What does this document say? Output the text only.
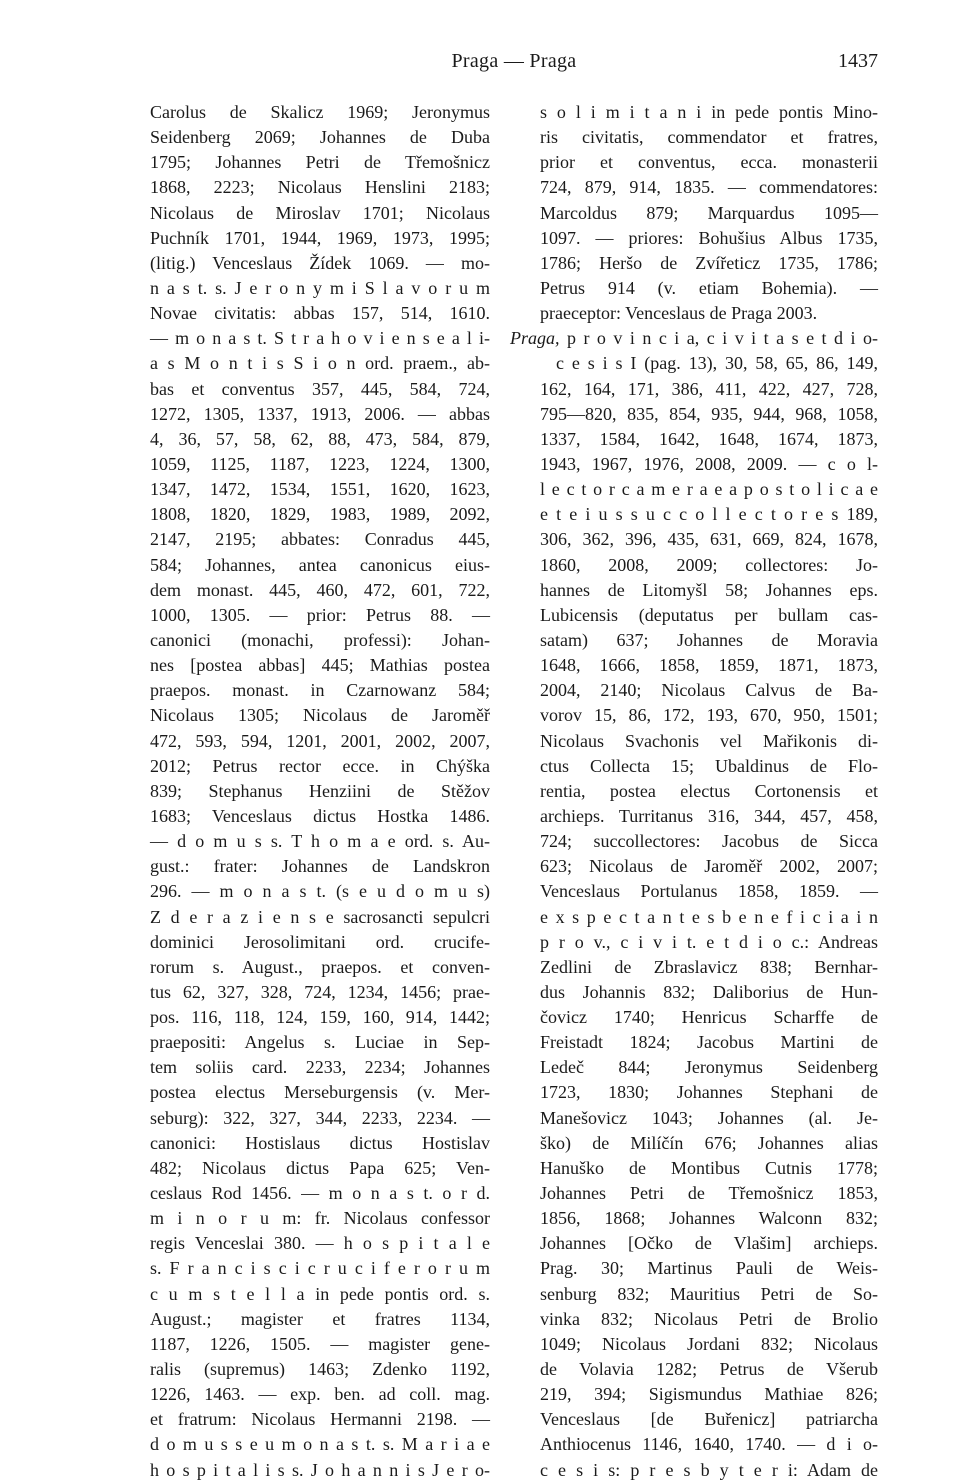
Praga — Praga	1437
Carolus de Skalicz 1969; Jeronymus
Seidenberg 2069; Johannes de Duba
1795; Johannes Petri de Třemošnicz
1868, 2223; Nicolaus Henslini 2183;
Nicolaus de Miroslav 1701; Nicolaus
Puchník 1701, 1944, 1969, 1973, 1995;
(litig.) Venceslaus Žídek 1069. — mo-
n a s t. s. J e r o n y m i S l a v o r u m
Novae civitatis: abbas 157, 514, 1610.
— m o n a s t. S t r a h o v i e n s e a l i-
a s M o n t i s S i o n ord. praem., ab-
bas et conventus 357, 445, 584, 724,
1272, 1305, 1337, 1913, 2006. — abbas
4, 36, 57, 58, 62, 88, 473, 584, 879,
1059, 1125, 1187, 1223, 1224, 1300,
1347, 1472, 1534, 1551, 1620, 1623,
1808, 1820, 1829, 1983, 1989, 2092,
2147, 2195; abbates: Conradus 445,
584; Johannes, antea canonicus eius-
dem monast. 445, 460, 472, 601, 722,
1000, 1305. — prior: Petrus 88. —
canonici (monachi, professi): Johan-
nes [postea abbas] 445; Mathias postea
praepos. monast. in Czarnowanz 584;
Nicolaus 1305; Nicolaus de Jaroměř
472, 593, 594, 1201, 2001, 2002, 2007,
2012; Petrus rector ecce. in Chýška
839; Stephanus Henziini de Stěžov
1683; Venceslaus dictus Hostka 1486.
— d o m u s s. T h o m a e ord. s. Au-
gust.: frater: Johannes de Landskron
296. — m o n a s t. (s e u d o m u s)
Z d e r a z i e n s e sacrosancti sepulcri
dominici Jerosolimitani ord. crucife-
rorum s. August., praepos. et conven-
tus 62, 327, 328, 724, 1234, 1456; prae-
pos. 116, 118, 124, 159, 160, 914, 1442;
praepositi: Angelus s. Luciae in Sep-
tem soliis card. 2233, 2234; Johannes
postea electus Merseburgensis (v. Mer-
seburg): 322, 327, 344, 2233, 2234. —
canonici: Hostislaus dictus Hostislav
482; Nicolaus dictus Papa 625; Ven-
ceslaus Rod 1456. — m o n a s t. o r d.
m i n o r u m: fr. Nicolaus confessor
regis Venceslai 380. — h o s p i t a l e
s. F r a n c i s c i c r u c i f e r o r u m
c u m s t e l l a in pede pontis ord. s.
August.; magister et fratres 1134,
1187, 1226, 1505. — magister gene-
ralis (supremus) 1463; Zdenko 1192,
1226, 1463. — exp. ben. ad coll. mag.
et fratrum: Nicolaus Hermanni 2198. —
d o m u s s e u m o n a s t. s. M a r i a e
h o s p i t a l i s s. J o h a n n i s J e r o-
s o l i m i t a n i in pede pontis Mino-
ris civitatis, commendator et fratres,
prior et conventus, ecca. monasterii
724, 879, 914, 1835. — commendatores:
Marcoldus 879; Marquardus 1095—
1097. — priores: Bohušius Albus 1735,
1786; Heršo de Zvířeticz 1735, 1786;
Petrus 914 (v. etiam Bohemia). —
praeceptor: Venceslaus de Praga 2003.
Praga, p r o v i n c i a, c i v i t a s e t d i o-
c e s i s I (pag. 13), 30, 58, 65, 86, 149,
162, 164, 171, 386, 411, 422, 427, 728,
795—820, 835, 854, 935, 944, 968, 1058,
1337, 1584, 1642, 1648, 1674, 1873,
1943, 1967, 1976, 2008, 2009. — c o l-
l e c t o r c a m e r a e a p o s t o l i c a e
e t e i u s s u c c o l l e c t o r e s 189,
306, 362, 396, 435, 631, 669, 824, 1678,
1860, 2008, 2009; collectores: Jo-
hannes de Litomyšl 58; Johannes eps.
Lubicensis (deputatus per bullam cas-
satam) 637; Johannes de Moravia
1648, 1666, 1858, 1859, 1871, 1873,
2004, 2140; Nicolaus Calvus de Ba-
vorov 15, 86, 172, 193, 670, 950, 1501;
Nicolaus Svachonis vel Mařikonis di-
ctus Collecta 15; Ubaldinus de Flo-
rentia, postea electus Cortonensis et
archieps. Turritanus 316, 344, 457, 458,
724; succollectores: Jacobus de Sicca
623; Nicolaus de Jaroměř 2002, 2007;
Venceslaus Portulanus 1858, 1859. —
e x s p e c t a n t e s b e n e f i c i a i n
p r o v., c i v i t. e t d i o c.: Andreas
Zedlini de Zbraslavicz 838; Bernhar-
dus Johannis 832; Daliborius de Hun-
čovicz 1740; Henricus Scharffe de
Freistadt 1824; Jacobus Martini de
Ledeč 844; Jeronymus Seidenberg
1723, 1830; Johannes Stephani de
Manešovicz 1043; Johannes (al. Je-
ško) de Milíčín 676; Johannes alias
Hanuško de Montibus Cutnis 1778;
Johannes Petri de Třemošnicz 1853,
1856, 1868; Johannes Walconn 832;
Johannes [Očko de Vlašim] archieps.
Prag. 30; Martinus Pauli de Weis-
senburg 832; Mauritius Petri de So-
vinka 832; Nicolaus Petri de Brolio
1049; Nicolaus Jordani 832; Nicolaus
de Volavia 1282; Petrus de Všerub
219, 394; Sigismundus Mathiae 826;
Venceslaus [de Buřenicz] patriarcha
Anthiocenus 1146, 1640, 1740. — d i o-
c e s i s: p r e s b y t e r i: Adam de
